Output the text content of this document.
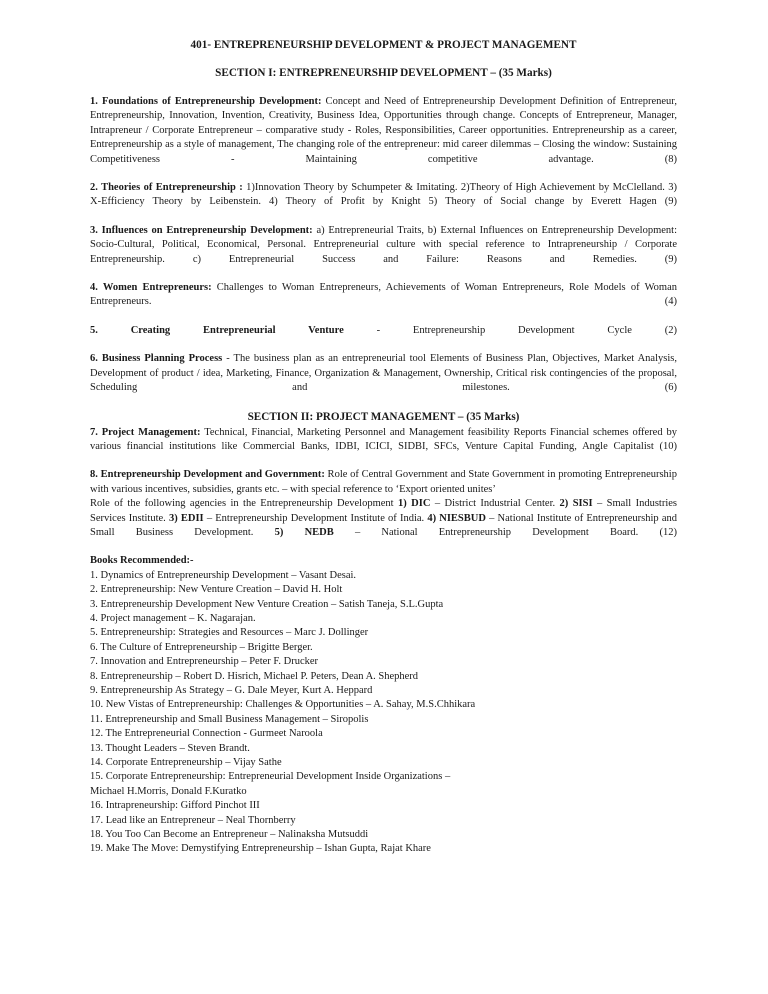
401- ENTREPRENEURSHIP DEVELOPMENT & PROJECT MANAGEMENT
SECTION I: ENTREPRENEURSHIP DEVELOPMENT – (35 Marks)

1. Foundations of Entrepreneurship Development: Concept and Need of Entrepreneurship Development Definition of Entrepreneur, Entrepreneurship, Innovation, Invention, Creativity, Business Idea, Opportunities through change. Concepts of Entrepreneur, Manager, Intrapreneur / Corporate Entrepreneur – comparative study - Roles, Responsibilities, Career opportunities. Entrepreneurship as a career, Entrepreneurship as a style of management, The changing role of the entrepreneur: mid career dilemmas – Closing the window: Sustaining Competitiveness - Maintaining competitive advantage.	(8)

2. Theories of Entrepreneurship : 1)Innovation Theory by Schumpeter & Imitating. 2)Theory of High Achievement by McClelland. 3) X-Efficiency Theory by Leibenstein. 4) Theory of Profit by Knight 5) Theory of Social change by Everett Hagen (9)

3. Influences on Entrepreneurship Development: a) Entrepreneurial Traits, b) External Influences on Entrepreneurship Development: Socio-Cultural, Political, Economical, Personal. Entrepreneurial culture with special reference to Intrapreneurship / Corporate Entrepreneurship. c) Entrepreneurial Success and Failure: Reasons and Remedies.	(9)

4. Women Entrepreneurs: Challenges to Woman Entrepreneurs, Achievements of Woman Entrepreneurs, Role Models of Woman Entrepreneurs.	(4)

5. Creating Entrepreneurial Venture - Entrepreneurship Development Cycle	(2)

6. Business Planning Process - The business plan as an entrepreneurial tool Elements of Business Plan, Objectives, Market Analysis, Development of product / idea, Marketing, Finance, Organization & Management, Ownership, Critical risk contingencies of the proposal, Scheduling and milestones.	(6)

SECTION II: PROJECT MANAGEMENT – (35 Marks)

7. Project Management: Technical, Financial, Marketing Personnel and Management feasibility Reports Financial schemes offered by various financial institutions like Commercial Banks, IDBI, ICICI, SIDBI, SFCs, Venture Capital Funding, Angle Capitalist (10)

8. Entrepreneurship Development and Government: Role of Central Government and State Government in promoting Entrepreneurship with various incentives, subsidies, grants etc. – with special reference to ‘Export oriented unites’

Role of the following agencies in the Entrepreneurship Development 1) DIC – District Industrial Center. 2) SISI – Small Industries Services Institute. 3) EDII – Entrepreneurship Development Institute of India. 4) NIESBUD – National Institute of Entrepreneurship and Small Business Development. 5) NEDB – National Entrepreneurship Development Board. (12)

Books Recommended:-

1. Dynamics of Entrepreneurship Development – Vasant Desai.

2. Entrepreneurship: New Venture Creation – David H. Holt

3. Entrepreneurship Development New Venture Creation – Satish Taneja, S.L.Gupta

4. Project management – K. Nagarajan.

5. Entrepreneurship: Strategies and Resources – Marc J. Dollinger

6. The Culture of Entrepreneurship – Brigitte Berger.

7. Innovation and Entrepreneurship – Peter F. Drucker

8. Entrepreneurship – Robert D. Hisrich, Michael P. Peters, Dean A. Shepherd

9. Entrepreneurship As Strategy – G. Dale Meyer, Kurt A. Heppard

10. New Vistas of Entrepreneurship: Challenges & Opportunities – A. Sahay, M.S.Chhikara

11. Entrepreneurship and Small Business Management – Siropolis

12. The Entrepreneurial Connection - Gurmeet Naroola

13. Thought Leaders – Steven Brandt.

14. Corporate Entrepreneurship – Vijay Sathe

15. Corporate Entrepreneurship: Entrepreneurial Development Inside Organizations –

Michael H.Morris, Donald F.Kuratko

16. Intrapreneurship: Gifford Pinchot III

17. Lead like an Entrepreneur – Neal Thornberry

18. You Too Can Become an Entrepreneur – Nalinaksha Mutsuddi

19. Make The Move: Demystifying Entrepreneurship – Ishan Gupta, Rajat Khare
